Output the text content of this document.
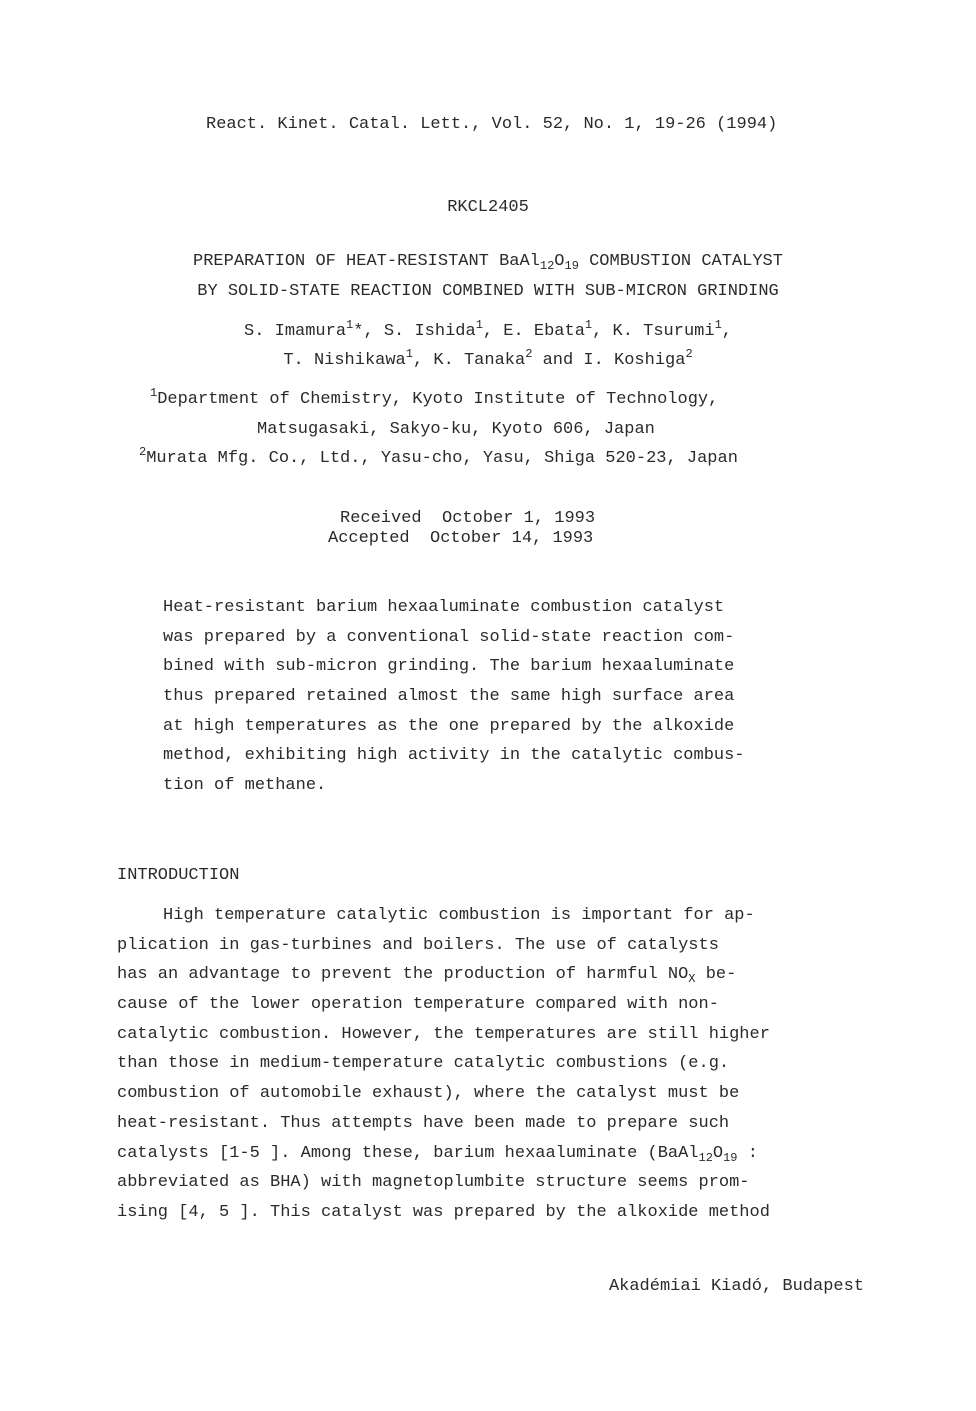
React. Kinet. Catal. Lett., Vol. 52, No. 1, 19-26 (1994)
RKCL2405
PREPARATION OF HEAT-RESISTANT $BaAl_{12}O_{19}$ COMBUSTION CATALYST
BY SOLID-STATE REACTION COMBINED WITH SUB-MICRON GRINDING
S. Imamura$^1$*, S. Ishida$^1$, E. Ebata$^1$, K. Tsurumi$^1$,
T. Nishikawa$^1$, K. Tanaka$^2$ and I. Koshiga$^2$
$^1$Department of Chemistry, Kyoto Institute of Technology,
Matsugasaki, Sakyo-ku, Kyoto 606, Japan
$^2$Murata Mfg. Co., Ltd., Yasu-cho, Yasu, Shiga 520-23, Japan
Received October 1, 1993
Accepted October 14, 1993
Heat-resistant barium hexaaluminate combustion catalyst
was prepared by a conventional solid-state reaction com-
bined with sub-micron grinding. The barium hexaaluminate
thus prepared retained almost the same high surface area
at high temperatures as the one prepared by the alkoxide
method, exhibiting high activity in the catalytic combus-
tion of methane.
INTRODUCTION
High temperature catalytic combustion is important for ap-
plication in gas-turbines and boilers. The use of catalysts
has an advantage to prevent the production of harmful $NO_X$ be-
cause of the lower operation temperature compared with non-
catalytic combustion. However, the temperatures are still higher
than those in medium-temperature catalytic combustions (e.g.
combustion of automobile exhaust), where the catalyst must be
heat-resistant. Thus attempts have been made to prepare such
catalysts [1-5 ]. Among these, barium hexaaluminate ($BaAl_{12}O_{19}$ :
abbreviated as BHA) with magnetoplumbite structure seems prom-
ising [4, 5 ]. This catalyst was prepared by the alkoxide method
Akadémiai Kiadó, Budapest
